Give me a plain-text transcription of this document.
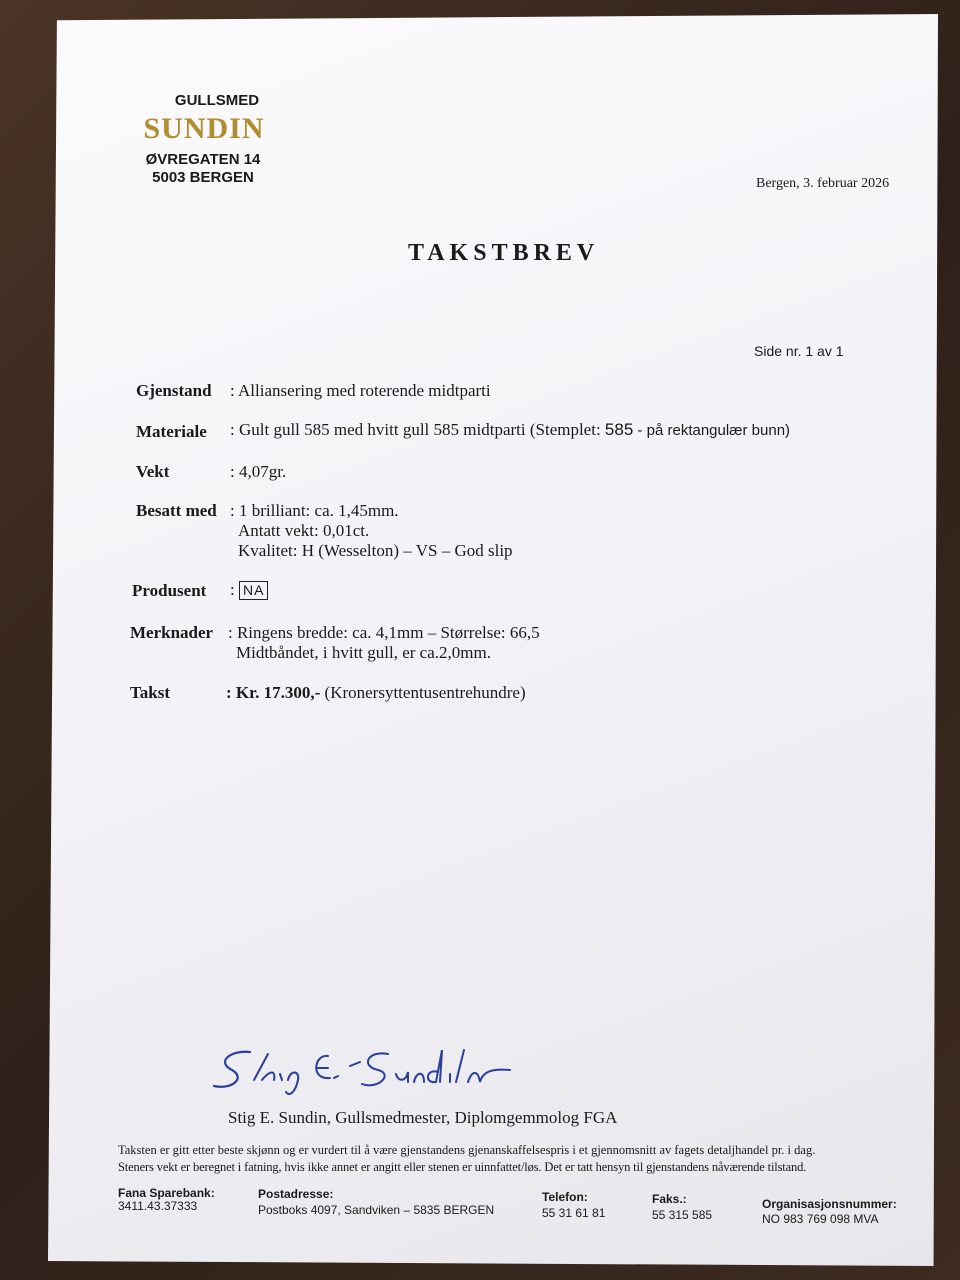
GULLSMED
SUNDIN
ØVREGATEN 14
5003 BERGEN	Bergen, 3. februar 2026
TAKSTBREV
Side nr. 1 av 1
Gjenstand : Alliansering med roterende midtparti
Materiale : Gult gull 585 med hvitt gull 585 midtparti (Stemplet: 585 - på rektangulær bunn)
Vekt	: 4,07gr.
Besatt med : 1 brilliant: ca. 1,45mm.
Antatt vekt: 0,01ct.
Kvalitet: H (Wesselton) – VS – God slip
Produsent : NA
Merknader : Ringens bredde: ca. 4,1mm – Størrelse: 66,5
Midtbåndet, i hvitt gull, er ca.2,0mm.
Takst	: Kr. 17.300,- (Kronersyttentusentrehundre)
Stig E. Sundin, Gullsmedmester, Diplomgemmolog FGA
Taksten er gitt etter beste skjønn og er vurdert til å være gjenstandens gjenanskaffelsespris i et gjennomsnitt av fagets detaljhandel pr. i dag.
Steners vekt er beregnet i fatning, hvis ikke annet er angitt eller stenen er uinnfattet/løs. Det er tatt hensyn til gjenstandens nåværende tilstand.
Fana Sparebank:
3411.43.37333
Postadresse:
Postboks 4097, Sandviken – 5835 BERGEN
Telefon:
55 31 61 81
Faks.:
55 315 585
Organisasjonsnummer:
NO 983 769 098 MVA
